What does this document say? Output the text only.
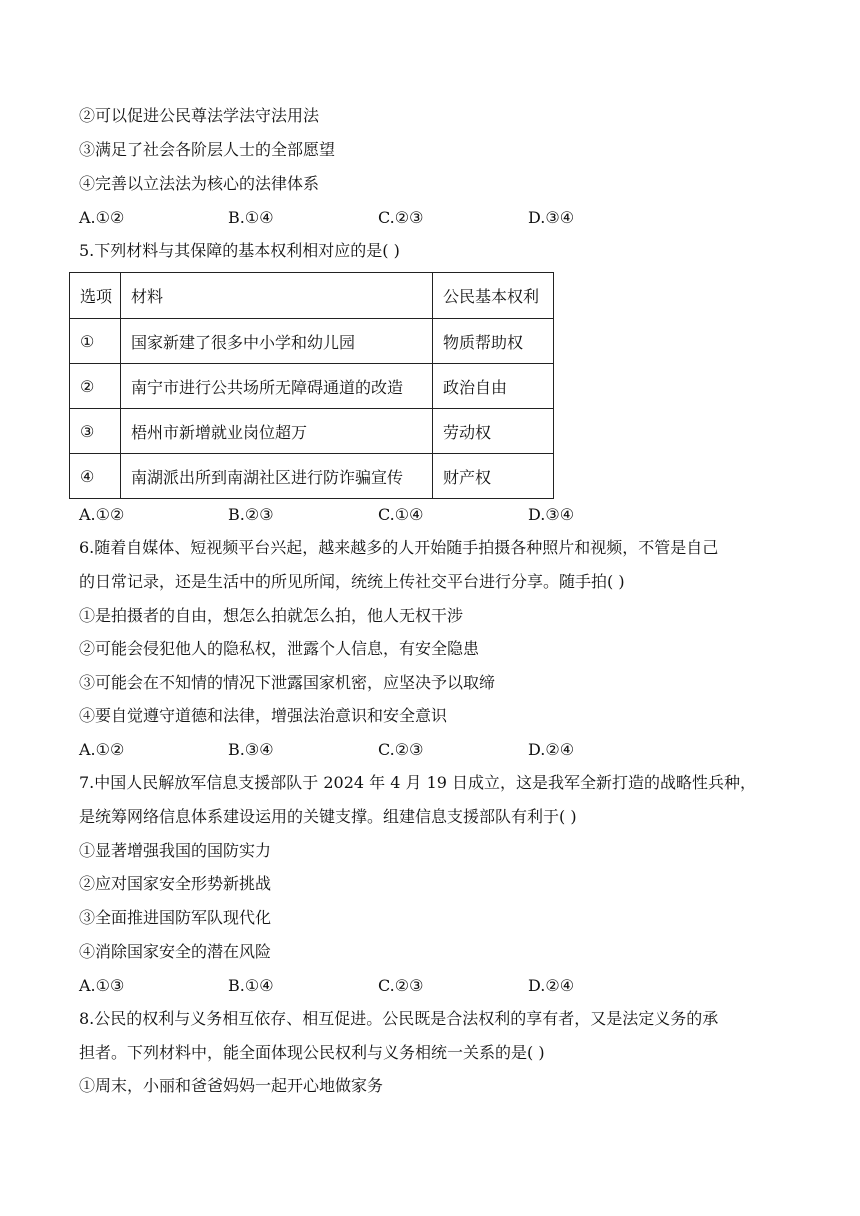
②可以促进公民尊法学法守法用法
③满足了社会各阶层人士的全部愿望
④完善以立法法为核心的法律体系
A.①②	B.①④	C.②③	D.③④
5.下列材料与其保障的基本权利相对应的是( )
选项	材料	公民基本权利
①	国家新建了很多中小学和幼儿园	物质帮助权
②	南宁市进行公共场所无障碍通道的改造	政治自由
③	梧州市新增就业岗位超万	劳动权
④	南湖派出所到南湖社区进行防诈骗宣传	财产权
A.①②	B.②③	C.①④	D.③④
6.随着自媒体、短视频平台兴起，越来越多的人开始随手拍摄各种照片和视频，不管是自己
的日常记录，还是生活中的所见所闻，统统上传社交平台进行分享。随手拍( )
①是拍摄者的自由，想怎么拍就怎么拍，他人无权干涉
②可能会侵犯他人的隐私权，泄露个人信息，有安全隐患
③可能会在不知情的情况下泄露国家机密，应坚决予以取缔
④要自觉遵守道德和法律，增强法治意识和安全意识
A.①②	B.③④	C.②③	D.②④
7.中国人民解放军信息支援部队于 2024 年 4 月 19 日成立，这是我军全新打造的战略性兵种，
是统筹网络信息体系建设运用的关键支撑。组建信息支援部队有利于( )
①显著增强我国的国防实力
②应对国家安全形势新挑战
③全面推进国防军队现代化
④消除国家安全的潜在风险
A.①③	B.①④	C.②③	D.②④
8.公民的权利与义务相互依存、相互促进。公民既是合法权利的享有者，又是法定义务的承
担者。下列材料中，能全面体现公民权利与义务相统一关系的是( )
①周末，小丽和爸爸妈妈一起开心地做家务
